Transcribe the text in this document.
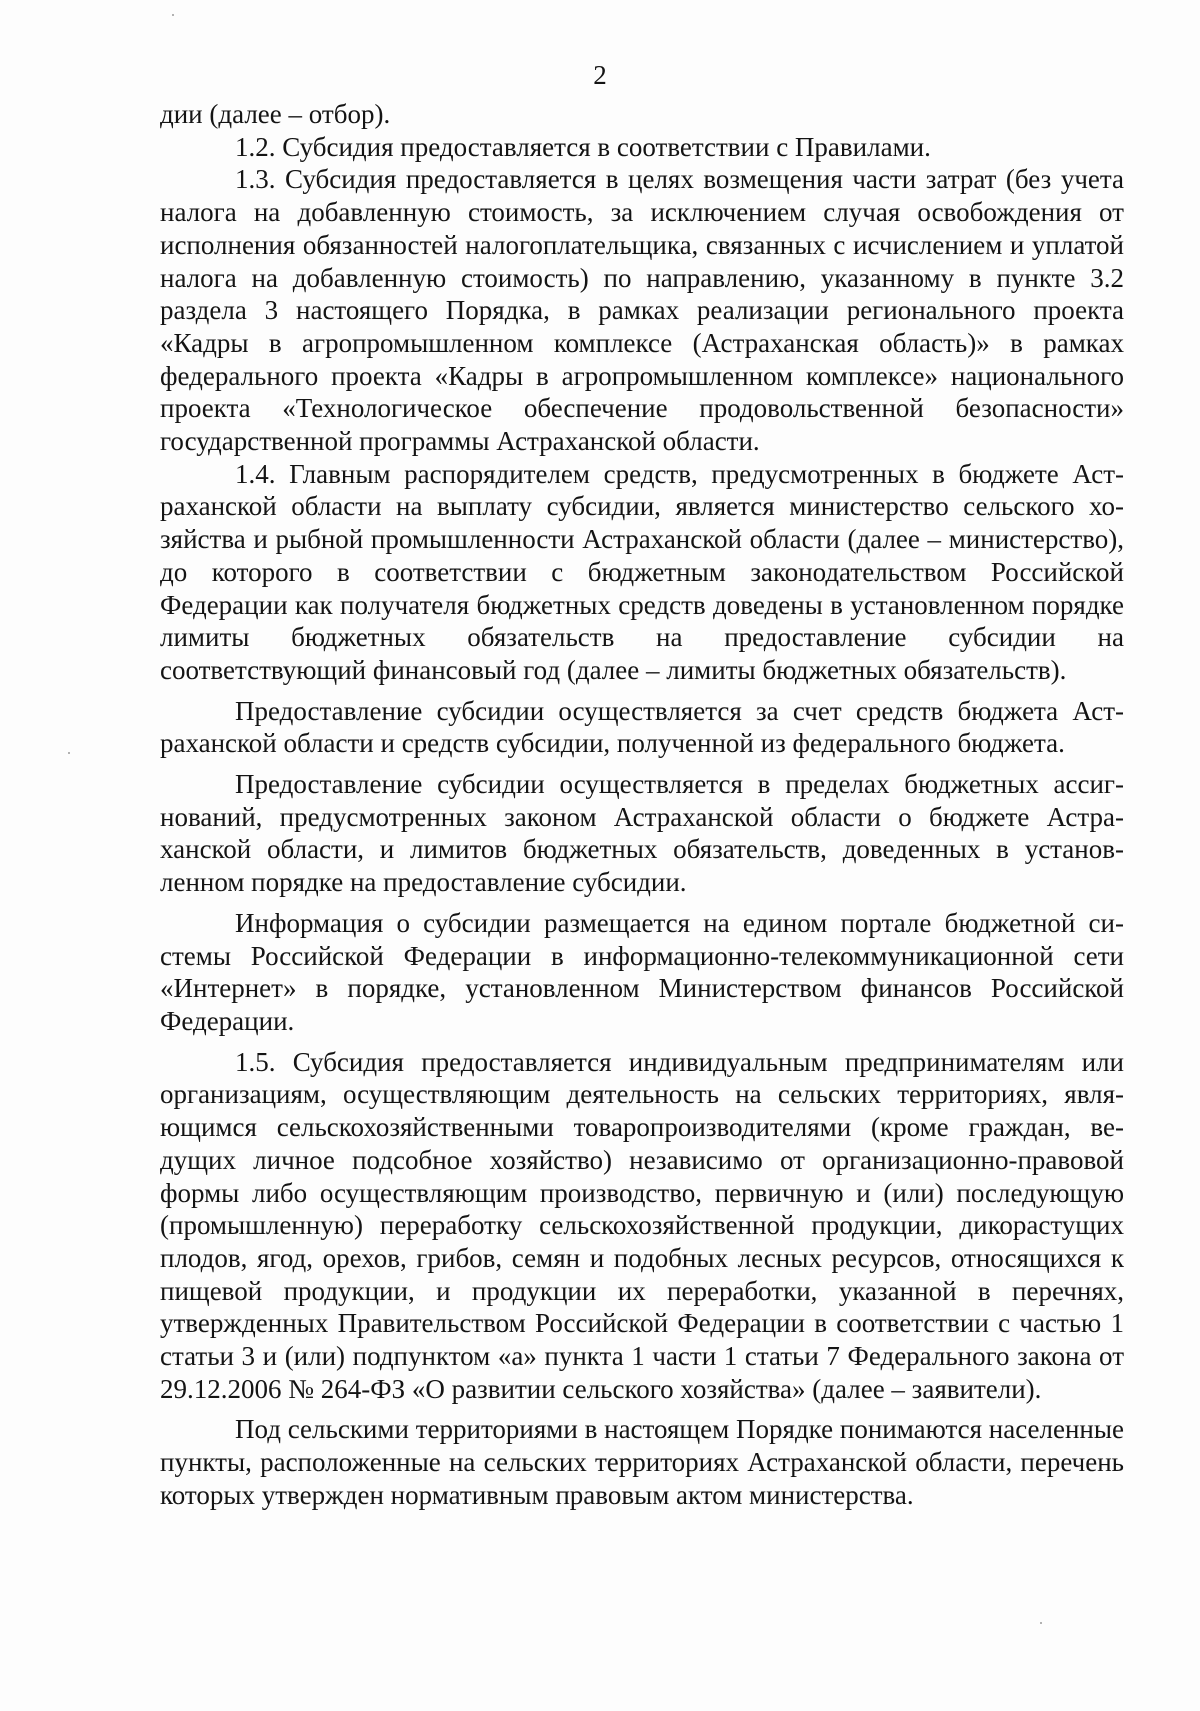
2

дии (далее – отбор).

1.2. Субсидия предоставляется в соответствии с Правилами.

1.3. Субсидия предоставляется в целях возмещения части затрат (без учета налога на добавленную стоимость, за исключением случая освобождения от исполнения обязанностей налогоплательщика, связанных с исчислением и уплатой налога на добавленную стоимость) по направлению, указанному в пункте 3.2 раздела 3 настоящего Порядка, в рамках реализации регионального проекта «Кадры в агропромышленном комплексе (Астраханская область)» в рамках федерального проекта «Кадры в агропромышленном комплексе» национального проекта «Технологическое обеспечение продовольственной безопасности» государственной программы Астраханской области.

1.4. Главным распорядителем средств, предусмотренных в бюджете Астраханской области на выплату субсидии, является министерство сельского хозяйства и рыбной промышленности Астраханской области (далее – министерство), до которого в соответствии с бюджетным законодательством Российской Федерации как получателя бюджетных средств доведены в установленном порядке лимиты бюджетных обязательств на предоставление субсидии на соответствующий финансовый год (далее – лимиты бюджетных обязательств).

Предоставление субсидии осуществляется за счет средств бюджета Астраханской области и средств субсидии, полученной из федерального бюджета.

Предоставление субсидии осуществляется в пределах бюджетных ассигнований, предусмотренных законом Астраханской области о бюджете Астраханской области, и лимитов бюджетных обязательств, доведенных в установленном порядке на предоставление субсидии.

Информация о субсидии размещается на едином портале бюджетной системы Российской Федерации в информационно-телекоммуникационной сети «Интернет» в порядке, установленном Министерством финансов Российской Федерации.

1.5. Субсидия предоставляется индивидуальным предпринимателям или организациям, осуществляющим деятельность на сельских территориях, являющимся сельскохозяйственными товаропроизводителями (кроме граждан, ведущих личное подсобное хозяйство) независимо от организационно-правовой формы либо осуществляющим производство, первичную и (или) последующую (промышленную) переработку сельскохозяйственной продукции, дикорастущих плодов, ягод, орехов, грибов, семян и подобных лесных ресурсов, относящихся к пищевой продукции, и продукции их переработки, указанной в перечнях, утвержденных Правительством Российской Федерации в соответствии с частью 1 статьи 3 и (или) подпунктом «а» пункта 1 части 1 статьи 7 Федерального закона от 29.12.2006 № 264-ФЗ «О развитии сельского хозяйства» (далее – заявители).

Под сельскими территориями в настоящем Порядке понимаются населенные пункты, расположенные на сельских территориях Астраханской области, перечень которых утвержден нормативным правовым актом министерства.
